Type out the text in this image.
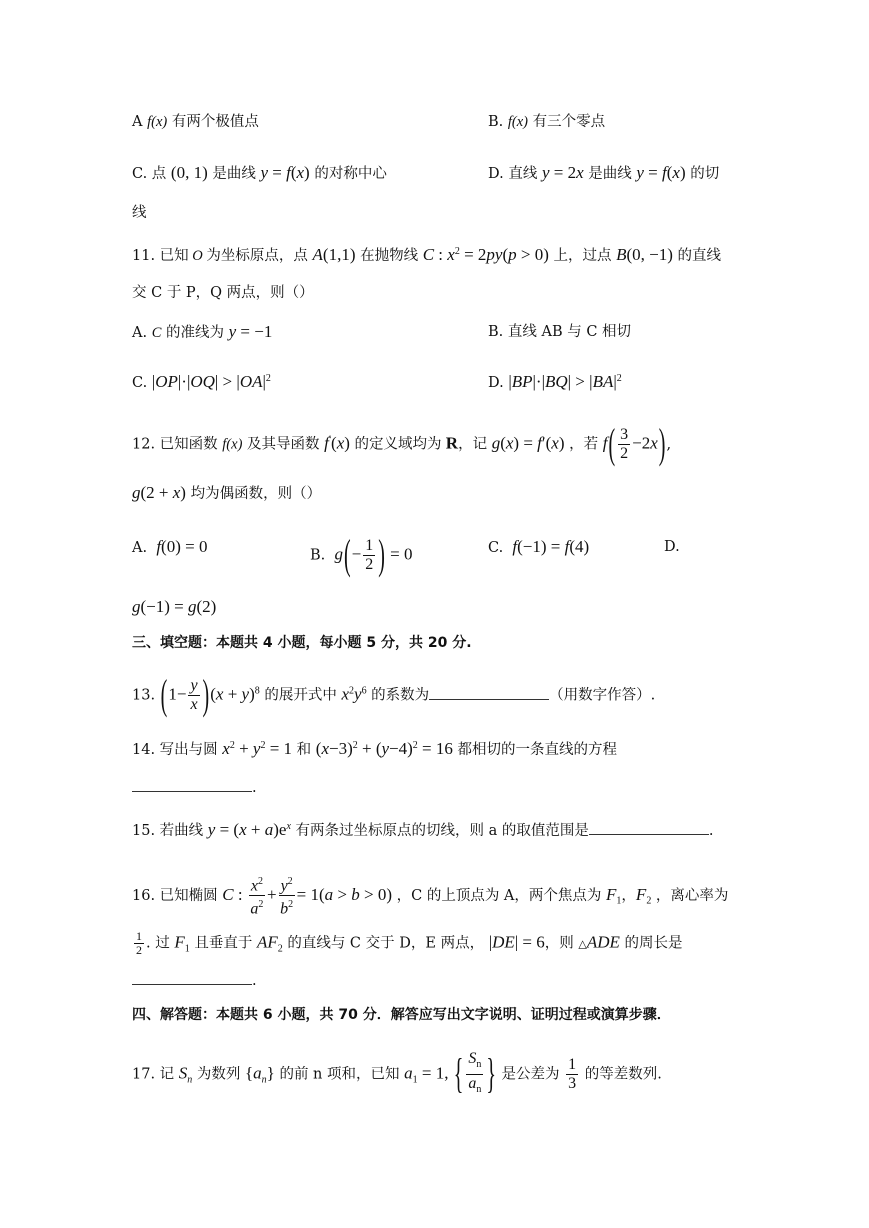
A f(x) 有两个极值点	B. f(x) 有三个零点
C. 点 (0, 1) 是曲线 y = f(x) 的对称中心	D. 直线 y = 2x 是曲线 y = f(x) 的切
线
11. 已知 O 为坐标原点，点 A(1,1) 在抛物线 C : $x^2 = 2py(p > 0)$ 上，过点 B(0, −1) 的直线
交 C 于 P，Q 两点，则（）
A. C 的准线为 y = −1	B. 直线 AB 与 C 相切
C. $|OP|\cdot|OQ| > |OA|^2$	D. $|BP|\cdot|BQ| > |BA|^2$
12. 已知函数 f(x) 及其导函数 f′(x) 的定义域均为 R，记 g(x) = f′(x) ，若 $f( \frac{3}{2} -2x)$,
g(2 + x) 均为偶函数，则（）
A. f(0) = 0	B. $g(- \frac{1}{2}$ ) = 0	C. f(−1) = f(4)	D.
g(−1) = g(2)
三、填空题：本题共 4 小题，每小题 5 分，共 20 分.
13. $(1- \frac{y}{x} )(x + y)^8$ 的展开式中 $x^2y^6$ 的系数为	（用数字作答）.
14. 写出与圆 $x^2 + y^2 = 1$ 和 $(x-3)^2 + (y-4)^2 = 16$ 都相切的一条直线的方程
.
15. 若曲线 $y = (x + a)e^x$ 有两条过坐标原点的切线，则 a 的取值范围是	.
16. 已知椭圆 C : $\frac{x^2}{a^2} + \frac{y^2}{b^2} = 1(a > b > 0)$ ，C 的上顶点为 A，两个焦点为 $F_1$，$F_2$ ，离心率为
$\frac{1}{2}$ . 过 $F_1$ 且垂直于 $AF_2$ 的直线与 C 交于 D，E 两点， |DE| = 6，则 △ADE 的周长是
.
四、解答题：本题共 6 小题，共 70 分．解答应写出文字说明、证明过程或演算步骤．
17. 记 $S_n$ 为数列 $\{a_n\}$ 的前 n 项和，已知 $a_1 = 1$, { $\frac{S_n}{a_n}$ } 是公差为 $\frac{1}{3}$ 的等差数列.
